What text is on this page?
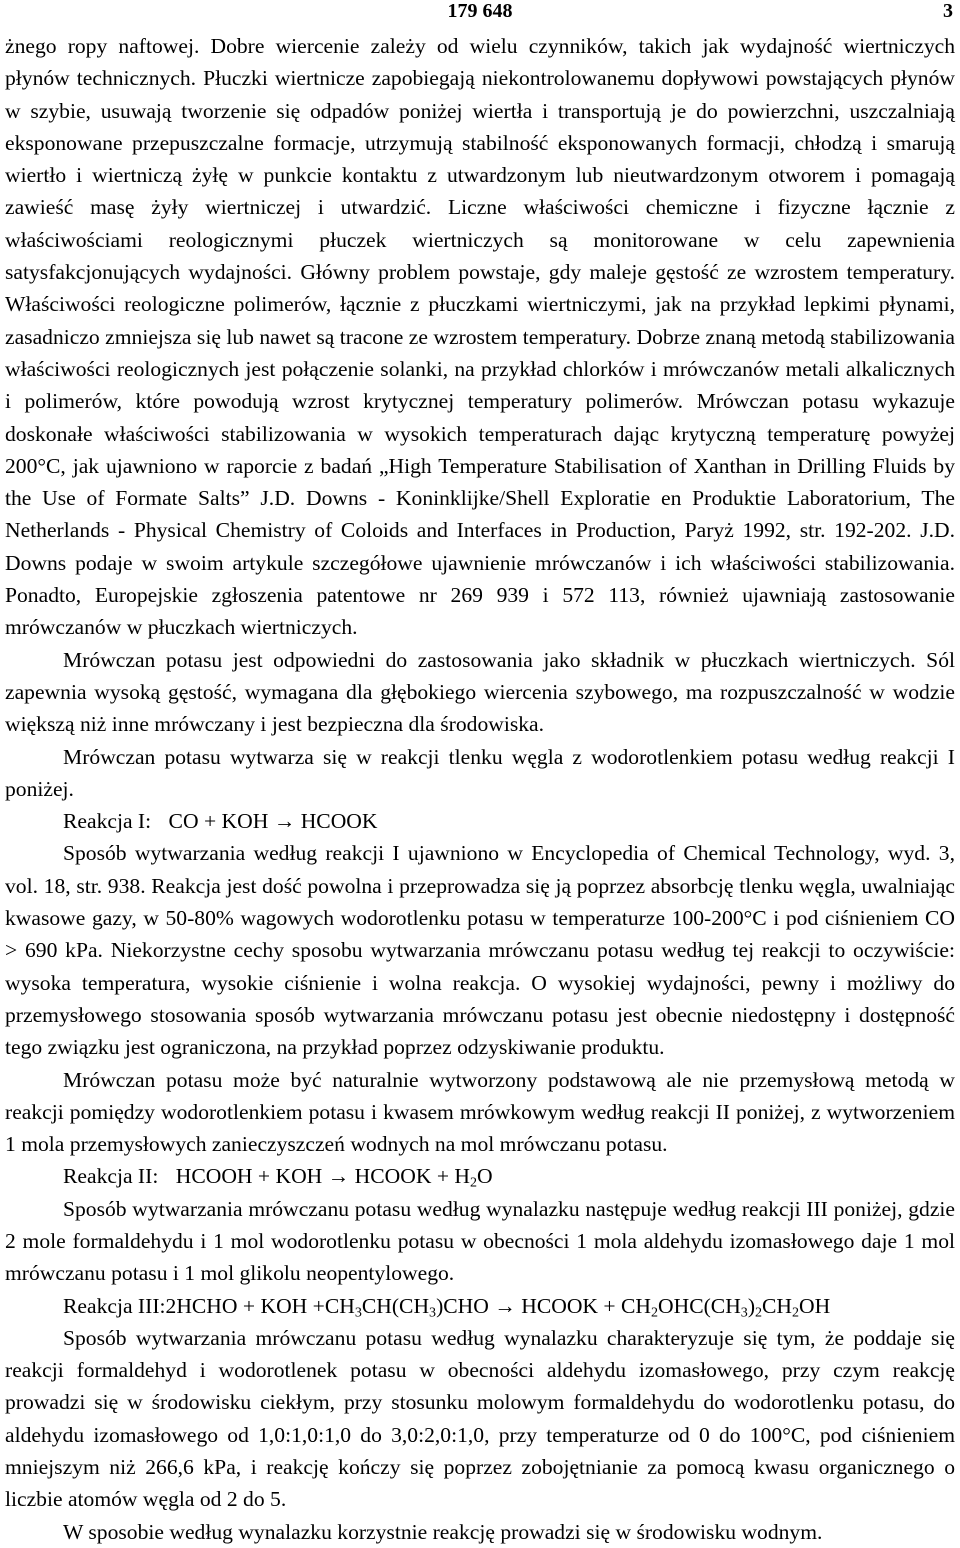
179 648	3

żnego ropy naftowej. Dobre wiercenie zależy od wielu czynników, takich jak wydajność wiertniczych płynów technicznych. Płuczki wiertnicze zapobiegają niekontrolowanemu dopływowi powstających płynów w szybie, usuwają tworzenie się odpadów poniżej wiertła i transportują je do powierzchni, uszczalniają eksponowane przepuszczalne formacje, utrzymują stabilność eksponowanych formacji, chłodzą i smarują wiertło i wiertniczą żyłę w punkcie kontaktu z utwardzonym lub nieutwardzonym otworem i pomagają zawieść masę żyły wiertniczej i utwardzić. Liczne właściwości chemiczne i fizyczne łącznie z właściwościami reologicznymi płuczek wiertniczych są monitorowane w celu zapewnienia satysfakcjonujących wydajności. Główny problem powstaje, gdy maleje gęstość ze wzrostem temperatury. Właściwości reologiczne polimerów, łącznie z płuczkami wiertniczymi, jak na przykład lepkimi płynami, zasadniczo zmniejsza się lub nawet są tracone ze wzrostem temperatury. Dobrze znaną metodą stabilizowania właściwości reologicznych jest połączenie solanki, na przykład chlorków i mrówczanów metali alkalicznych i polimerów, które powodują wzrost krytycznej temperatury polimerów. Mrówczan potasu wykazuje doskonałe właściwości stabilizowania w wysokich temperaturach dając krytyczną temperaturę powyżej 200°C, jak ujawniono w raporcie z badań „High Temperature Stabilisation of Xanthan in Drilling Fluids by the Use of Formate Salts” J.D. Downs - Koninklijke/Shell Exploratie en Produktie Laboratorium, The Netherlands - Physical Chemistry of Coloids and Interfaces in Production, Paryż 1992, str. 192-202. J.D. Downs podaje w swoim artykule szczegółowe ujawnienie mrówczanów i ich właściwości stabilizowania. Ponadto, Europejskie zgłoszenia patentowe nr 269 939 i 572 113, również ujawniają zastosowanie mrówczanów w płuczkach wiertniczych.

Mrówczan potasu jest odpowiedni do zastosowania jako składnik w płuczkach wiertniczych. Sól zapewnia wysoką gęstość, wymagana dla głębokiego wiercenia szybowego, ma rozpuszczalność w wodzie większą niż inne mrówczany i jest bezpieczna dla środowiska.

Mrówczan potasu wytwarza się w reakcji tlenku węgla z wodorotlenkiem potasu według reakcji I poniżej.

Reakcja I: CO + KOH → HCOOK

Sposób wytwarzania według reakcji I ujawniono w Encyclopedia of Chemical Technology, wyd. 3, vol. 18, str. 938. Reakcja jest dość powolna i przeprowadza się ją poprzez absorbcję tlenku węgla, uwalniając kwasowe gazy, w 50-80% wagowych wodorotlenku potasu w temperaturze 100-200°C i pod ciśnieniem CO > 690 kPa. Niekorzystne cechy sposobu wytwarzania mrówczanu potasu według tej reakcji to oczywiście: wysoka temperatura, wysokie ciśnienie i wolna reakcja. O wysokiej wydajności, pewny i możliwy do przemysłowego stosowania sposób wytwarzania mrówczanu potasu jest obecnie niedostępny i dostępność tego związku jest ograniczona, na przykład poprzez odzyskiwanie produktu.

Mrówczan potasu może być naturalnie wytworzony podstawową ale nie przemysłową metodą w reakcji pomiędzy wodorotlenkiem potasu i kwasem mrówkowym według reakcji II poniżej, z wytworzeniem 1 mola przemysłowych zanieczyszczeń wodnych na mol mrówczanu potasu.

Reakcja II: HCOOH + KOH → HCOOK + $H_2O$

Sposób wytwarzania mrówczanu potasu według wynalazku następuje według reakcji III poniżej, gdzie 2 mole formaldehydu i 1 mol wodorotlenku potasu w obecności 1 mola aldehydu izomasłowego daje 1 mol mrówczanu potasu i 1 mol glikolu neopentylowego.

Reakcja III:2HCHO + KOH $+CH_3CH(CH_3)CHO$ → HCOOK + $CH_2OHC(CH_3)_2CH_2OH$

Sposób wytwarzania mrówczanu potasu według wynalazku charakteryzuje się tym, że poddaje się reakcji formaldehyd i wodorotlenek potasu w obecności aldehydu izomasłowego, przy czym reakcję prowadzi się w środowisku ciekłym, przy stosunku molowym formaldehydu do wodorotlenku potasu, do aldehydu izomasłowego od 1,0:1,0:1,0 do 3,0:2,0:1,0, przy temperaturze od 0 do 100°C, pod ciśnieniem mniejszym niż 266,6 kPa, i reakcję kończy się poprzez zobojętnianie za pomocą kwasu organicznego o liczbie atomów węgla od 2 do 5.

W sposobie według wynalazku korzystnie reakcję prowadzi się w środowisku wodnym.
